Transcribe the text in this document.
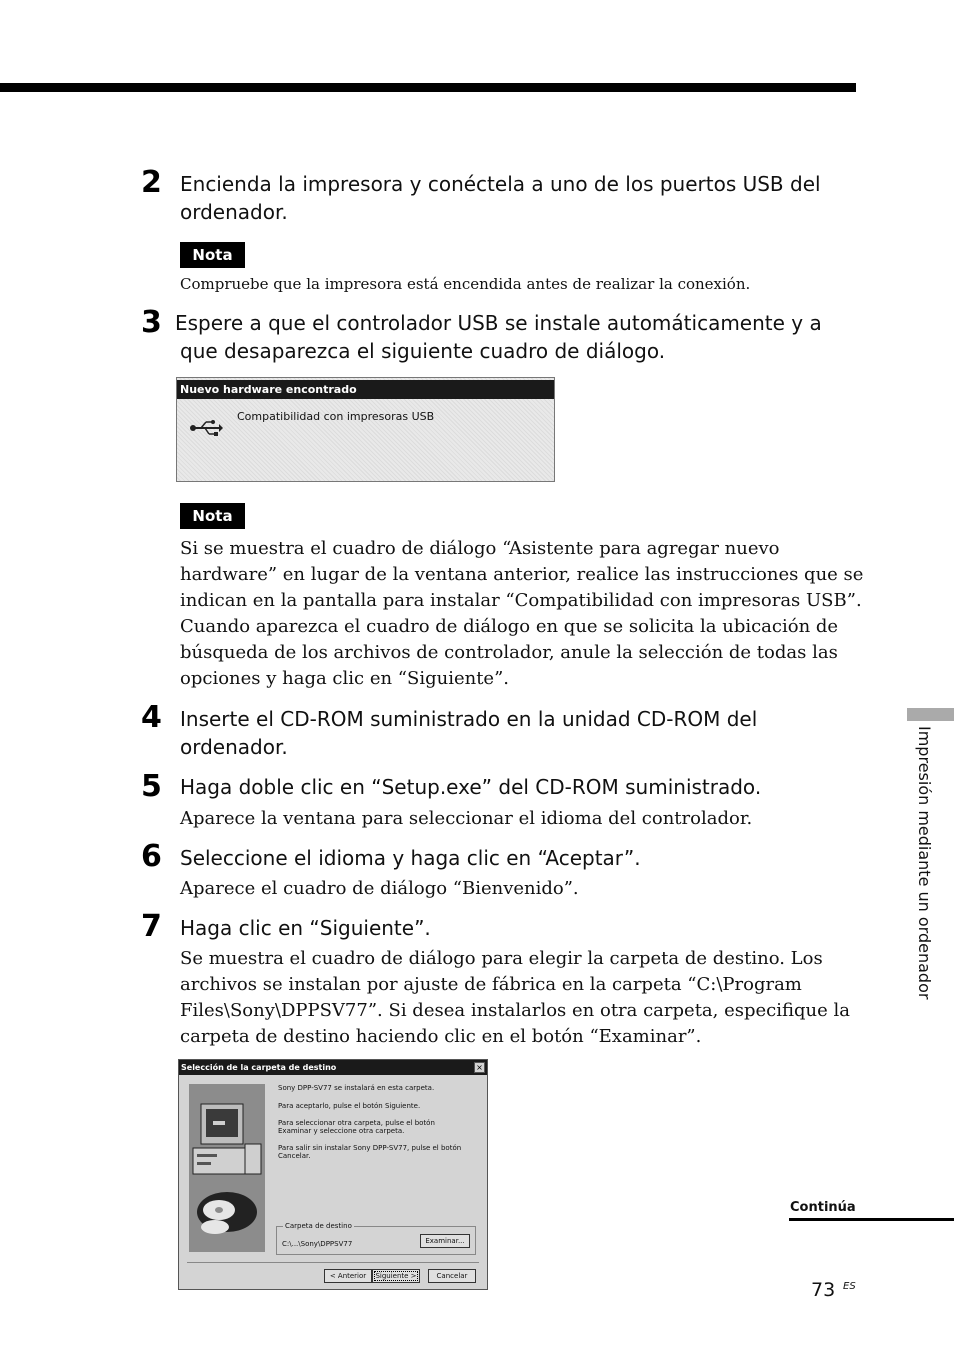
2 Encienda la impresora y conéctela a uno de los puertos USB del
ordenador.
Nota
Compruebe que la impresora está encendida antes de realizar la conexión.
3 Espere a que el controlador USB se instale automáticamente y a
que desaparezca el siguiente cuadro de diálogo.
Nuevo hardware encontrado
Compatibilidad con impresoras USB
Nota
Si se muestra el cuadro de diálogo “Asistente para agregar nuevo
hardware” en lugar de la ventana anterior, realice las instrucciones que se
indican en la pantalla para instalar “Compatibilidad con impresoras USB”.
Cuando aparezca el cuadro de diálogo en que se solicita la ubicación de
búsqueda de los archivos de controlador, anule la selección de todas las
opciones y haga clic en “Siguiente”.
4 Inserte el CD-ROM suministrado en la unidad CD-ROM del
ordenador.
5 Haga doble clic en “Setup.exe” del CD-ROM suministrado.
Aparece la ventana para seleccionar el idioma del controlador.
6 Seleccione el idioma y haga clic en “Aceptar”.
Aparece el cuadro de diálogo “Bienvenido”.
7 Haga clic en “Siguiente”.
Se muestra el cuadro de diálogo para elegir la carpeta de destino. Los
archivos se instalan por ajuste de fábrica en la carpeta “C:\Program
Files\Sony\DPPSV77”. Si desea instalarlos en otra carpeta, especifique la
carpeta de destino haciendo clic en el botón “Examinar”.
Selección de la carpeta de destino	×
Sony DPP-SV77 se instalará en esta carpeta.
Para aceptarlo, pulse el botón Siguiente.
Para seleccionar otra carpeta, pulse el botón Examinar y seleccione otra carpeta.
Para salir sin instalar Sony DPP-SV77, pulse el botón Cancelar.
Carpeta de destino
C:\...\Sony\DPPSV77	Examinar...
< Anterior	Siguiente >	Cancelar
Impresión mediante un ordenador
Continúa
73 ES
